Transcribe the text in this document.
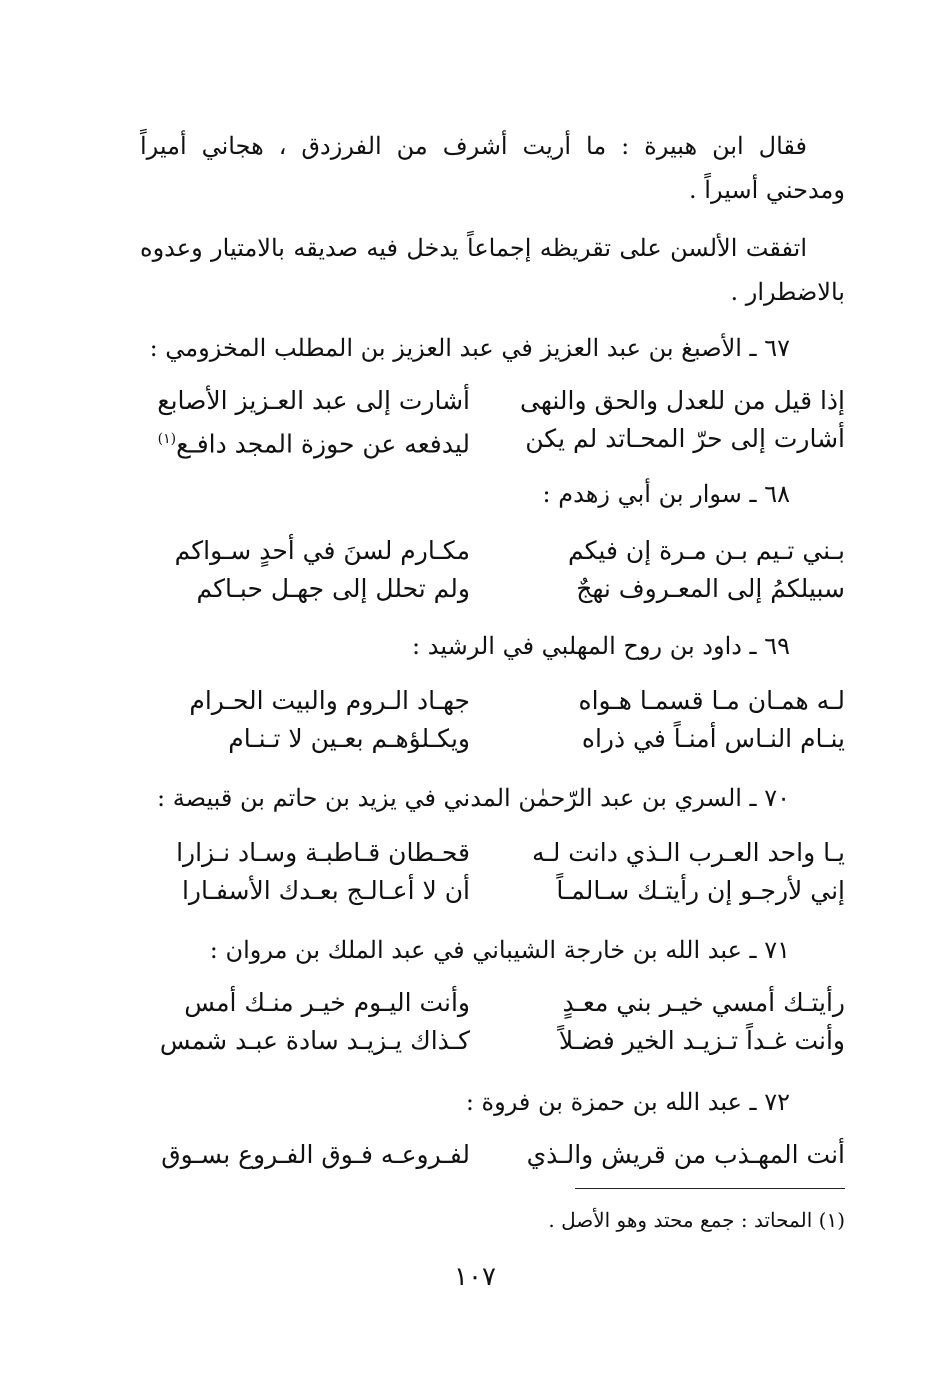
فقال ابن هبيرة : ما أريت أشرف من الفرزدق ، هجاني أميراً ومدحني أسيراً .

اتفقت الألسن على تقريظه إجماعاً يدخل فيه صديقه بالامتيار وعدوه بالاضطرار .

٦٧ ـ الأصبغ بن عبد العزيز في عبد العزيز بن المطلب المخزومي :
إذا قيل من للعدل والحق والنهى
أشارت إلى عبد العـزيز الأصابع
أشارت إلى حرّ المحـاتد لم يكن
ليدفعه عن حوزة المجد دافـع$^{(١)}$
٦٨ ـ سوار بن أبي زهدم :
بـني تـيم بـن مـرة إن فيكم
مكـارم لسنَ في أحدٍ سـواكم
سبيلكمُ إلى المعـروف نهجٌ
ولم تحلل إلى جهـل حبـاكم
٦٩ ـ داود بن روح المهلبي في الرشيد :
لـه همـان مـا قسمـا هـواه
جهـاد الـروم والبيت الحـرام
ينـام النـاس أمنـاً في ذراه
ويكـلؤهـم بعـين لا تـنـام
٧٠ ـ السري بن عبد الرّحمٰن المدني في يزيد بن حاتم بن قبيصة :
يـا واحد العـرب الـذي دانت لـه
قحـطان قـاطبـة وسـاد نـزارا
إني لأرجـو إن رأيتـك سـالمـاً
أن لا أعـالـج بعـدك الأسفـارا
٧١ ـ عبد الله بن خارجة الشيباني في عبد الملك بن مروان :
رأيتـك أمسي خيـر بني معـدٍ
وأنت اليـوم خيـر منـك أمس
وأنت غـداً تـزيـد الخير فضـلاً
كـذاك يـزيـد سادة عبـد شمس
٧٢ ـ عبد الله بن حمزة بن فروة :
أنت المهـذب من قريش والـذي
لفـروعـه فـوق الفـروع بسـوق
(١) المحاتد : جمع محتد وهو الأصل .
١٠٧
